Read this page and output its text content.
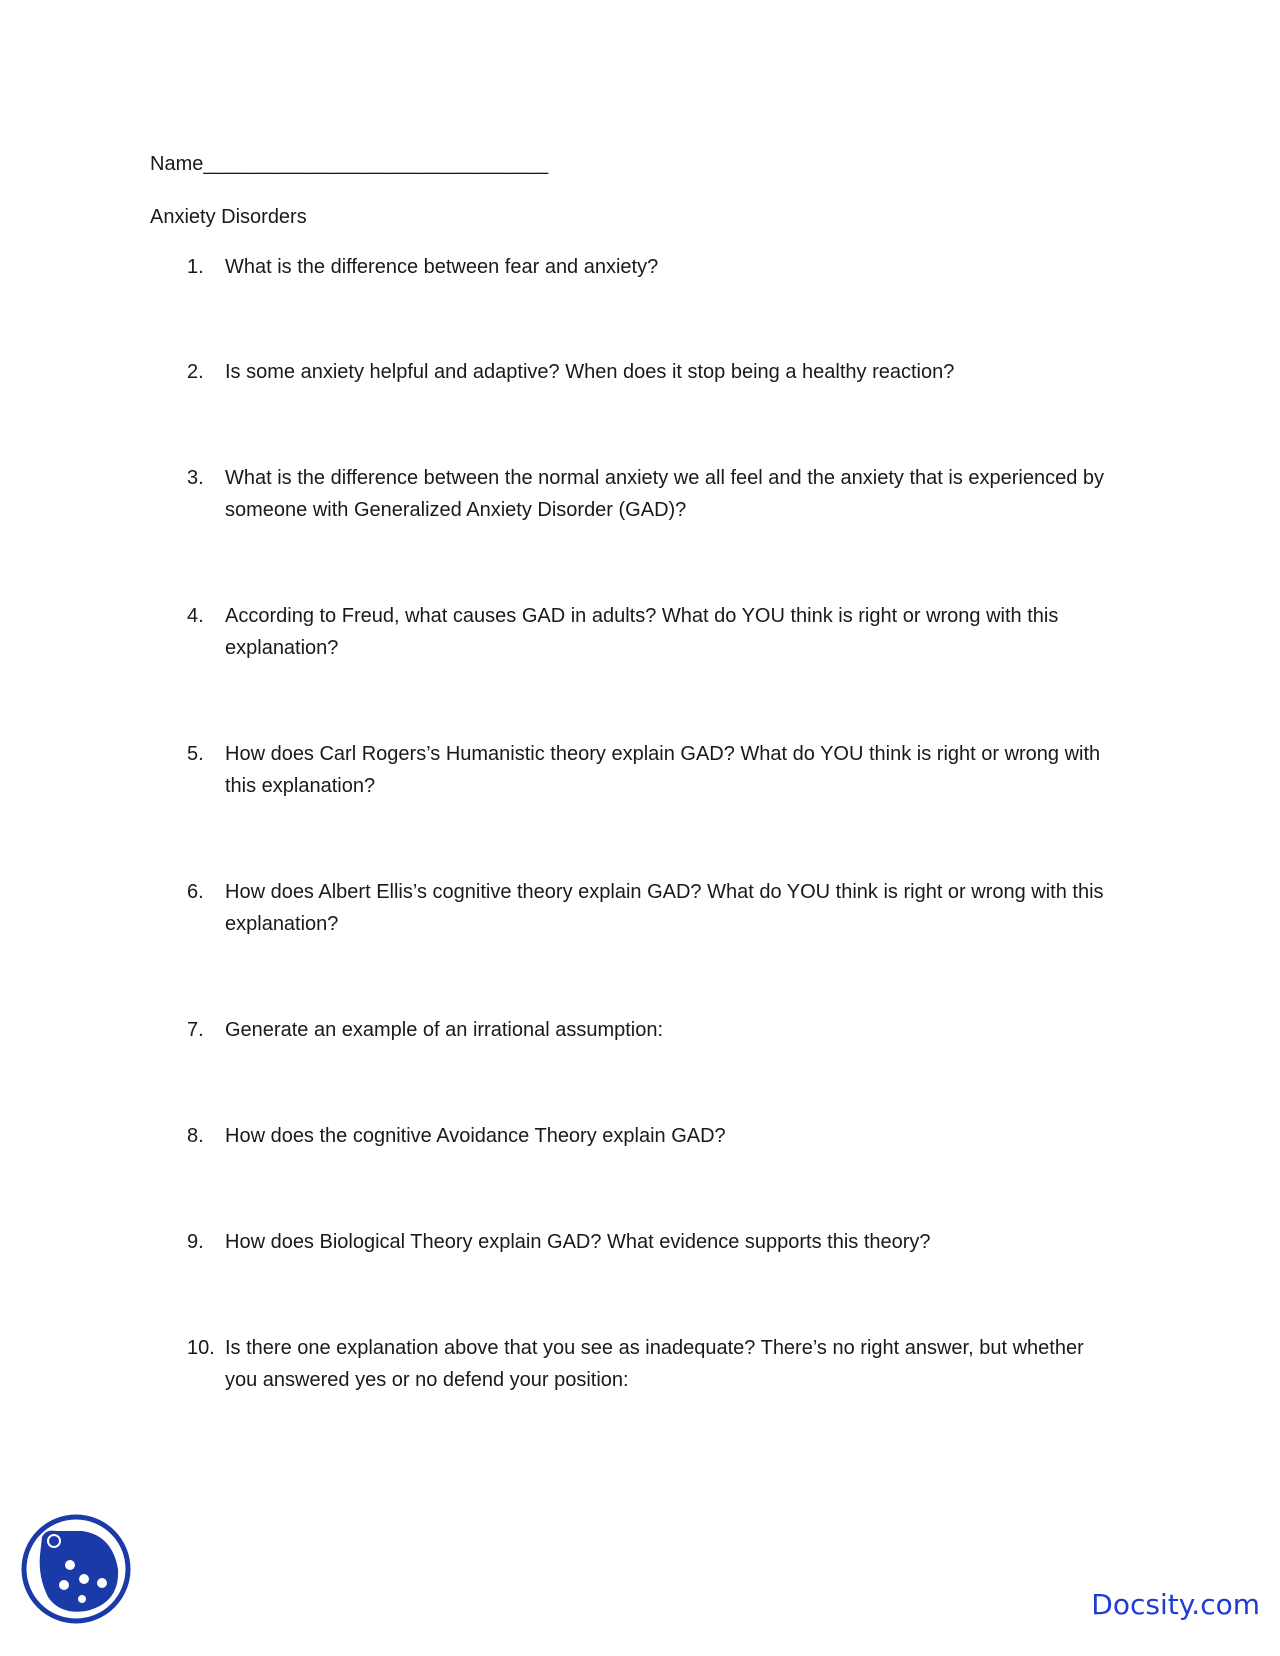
Name_______________________________
Anxiety Disorders
1.	What is the difference between fear and anxiety?
2.	Is some anxiety helpful and adaptive? When does it stop being a healthy reaction?
3.	What is the difference between the normal anxiety we all feel and the anxiety that is experienced by someone with Generalized Anxiety Disorder (GAD)?
4.	According to Freud, what causes GAD in adults? What do YOU think is right or wrong with this explanation?
5.	How does Carl Rogers’s Humanistic theory explain GAD? What do YOU think is right or wrong with this explanation?
6.	How does Albert Ellis’s cognitive theory explain GAD? What do YOU think is right or wrong with this explanation?
7.	Generate an example of an irrational assumption:
8.	How does the cognitive Avoidance Theory explain GAD?
9.	How does Biological Theory explain GAD? What evidence supports this theory?
10. Is there one explanation above that you see as inadequate? There’s no right answer, but whether you answered yes or no defend your position:
Docsity.com
